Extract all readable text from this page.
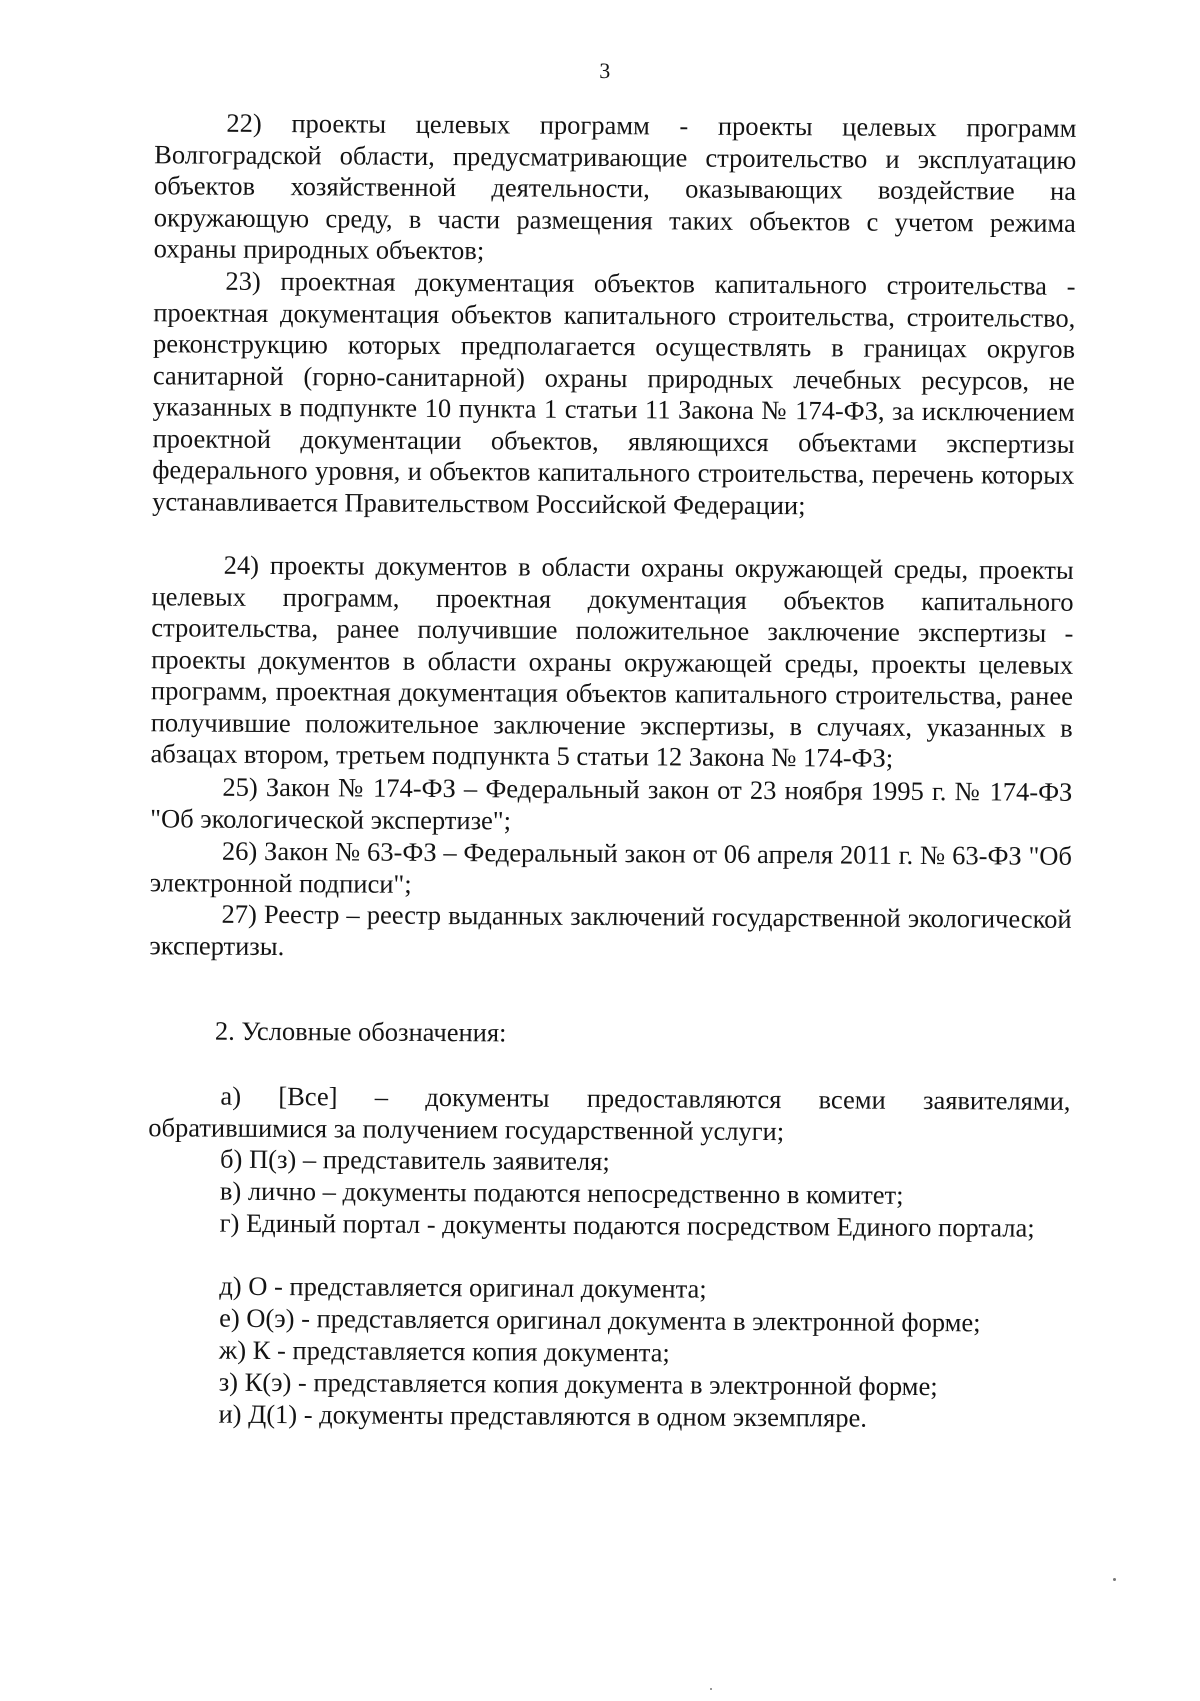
3
22) проекты целевых программ - проекты целевых программ Волгоградской области, предусматривающие строительство и эксплуатацию объектов хозяйственной деятельности, оказывающих воздействие на окружающую среду, в части размещения таких объектов с учетом режима охраны природных объектов;
23) проектная документация объектов капитального строительства - проектная документация объектов капитального строительства, строительство, реконструкцию которых предполагается осуществлять в границах округов санитарной (горно-санитарной) охраны природных лечебных ресурсов, не указанных в подпункте 10 пункта 1 статьи 11 Закона № 174-ФЗ, за исключением проектной документации объектов, являющихся объектами экспертизы федерального уровня, и объектов капитального строительства, перечень которых устанавливается Правительством Российской Федерации;
24) проекты документов в области охраны окружающей среды, проекты целевых программ, проектная документация объектов капитального строительства, ранее получившие положительное заключение экспертизы - проекты документов в области охраны окружающей среды, проекты целевых программ, проектная документация объектов капитального строительства, ранее получившие положительное заключение экспертизы, в случаях, указанных в абзацах втором, третьем подпункта 5 статьи 12 Закона № 174-ФЗ;
25) Закон № 174-ФЗ – Федеральный закон от 23 ноября 1995 г. № 174-ФЗ "Об экологической экспертизе";
26) Закон № 63-ФЗ – Федеральный закон от 06 апреля 2011 г. № 63-ФЗ "Об электронной подписи";
27) Реестр – реестр выданных заключений государственной экологической экспертизы.
2. Условные обозначения:
а) [Все] – документы предоставляются всеми заявителями, обратившимися за получением государственной услуги;
б) П(з) – представитель заявителя;
в) лично – документы подаются непосредственно в комитет;
г) Единый портал - документы подаются посредством Единого портала;
д) О - представляется оригинал документа;
е) О(э) - представляется оригинал документа в электронной форме;
ж) К - представляется копия документа;
з) К(э) - представляется копия документа в электронной форме;
и) Д(1) - документы представляются в одном экземпляре.
